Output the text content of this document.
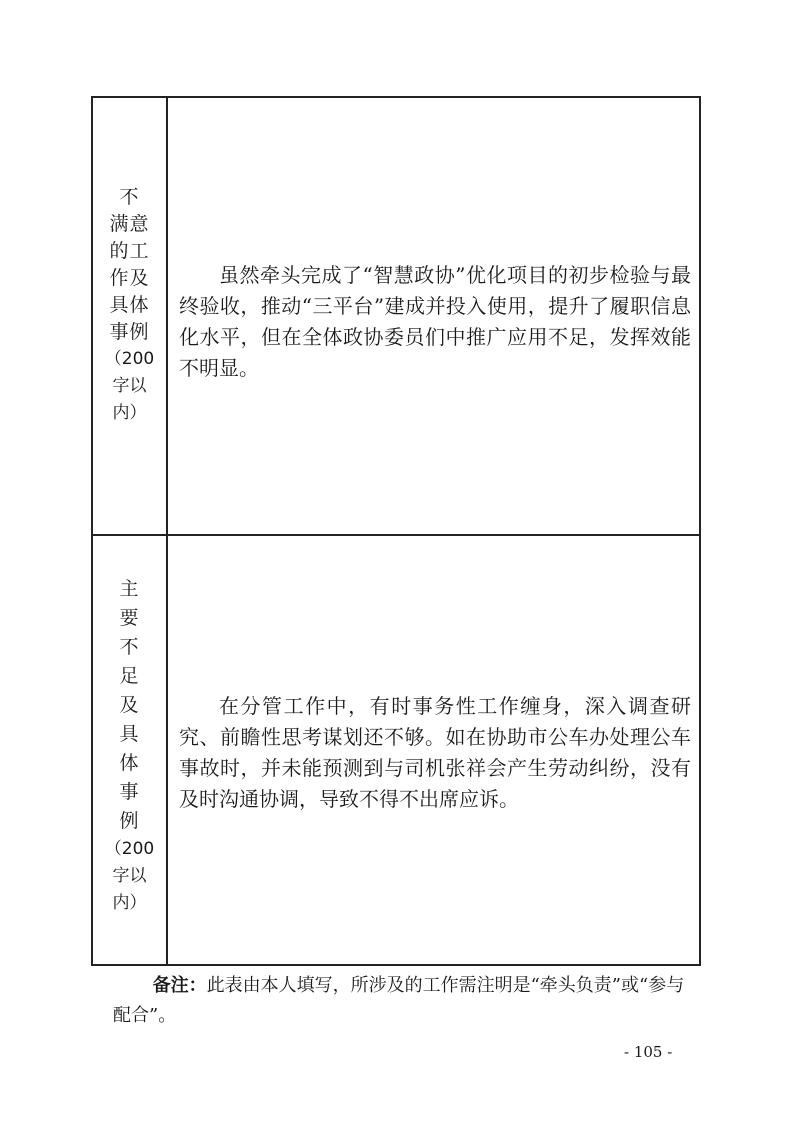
不
满意
的工
作及
具体
事例
（200
字以
内）
虽然牵头完成了“智慧政协”优化项目的初步检验与最终验收，推动“三平台”建成并投入使用，提升了履职信息化水平，但在全体政协委员们中推广应用不足，发挥效能不明显。
主
要
不
足
及
具
体
事
例
（200
字以
内）
在分管工作中，有时事务性工作缠身，深入调查研究、前瞻性思考谋划还不够。如在协助市公车办处理公车事故时，并未能预测到与司机张祥会产生劳动纠纷，没有及时沟通协调，导致不得不出席应诉。
备注：此表由本人填写，所涉及的工作需注明是“牵头负责”或“参与配合”。
- 105 -
